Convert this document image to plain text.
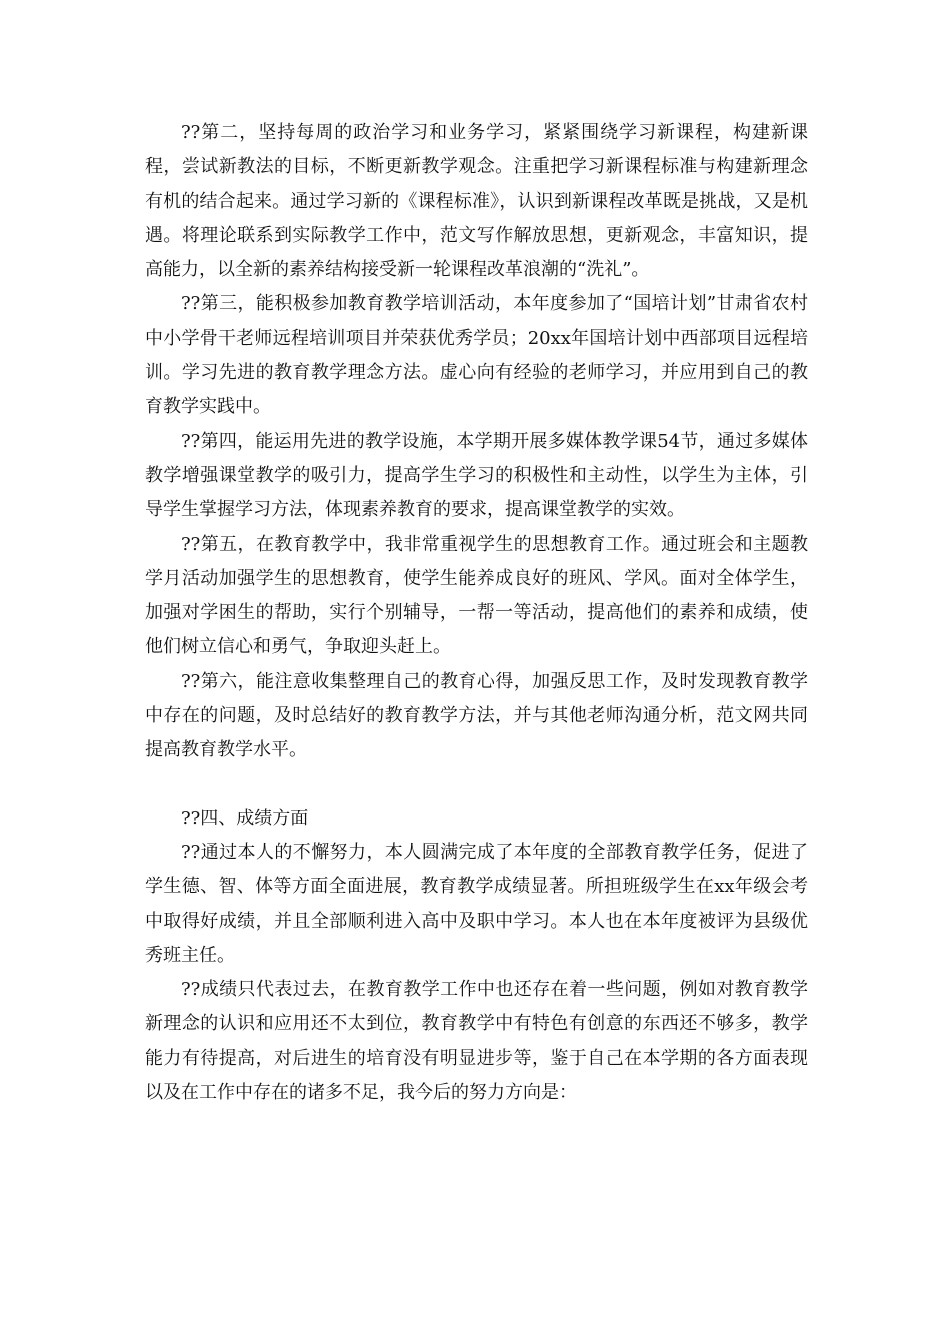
??第二，坚持每周的政治学习和业务学习，紧紧围绕学习新课程，构建新课程，尝试新教法的目标，不断更新教学观念。注重把学习新课程标准与构建新理念有机的结合起来。通过学习新的《课程标准》，认识到新课程改革既是挑战，又是机遇。将理论联系到实际教学工作中，范文写作解放思想，更新观念，丰富知识，提高能力，以全新的素养结构接受新一轮课程改革浪潮的“洗礼”。

??第三，能积极参加教育教学培训活动，本年度参加了“国培计划”甘肃省农村中小学骨干老师远程培训项目并荣获优秀学员；20xx年国培计划中西部项目远程培训。学习先进的教育教学理念方法。虚心向有经验的老师学习，并应用到自己的教育教学实践中。

??第四，能运用先进的教学设施，本学期开展多媒体教学课54节，通过多媒体教学增强课堂教学的吸引力，提高学生学习的积极性和主动性，以学生为主体，引导学生掌握学习方法，体现素养教育的要求，提高课堂教学的实效。

??第五，在教育教学中，我非常重视学生的思想教育工作。通过班会和主题教学月活动加强学生的思想教育，使学生能养成良好的班风、学风。面对全体学生，加强对学困生的帮助，实行个别辅导，一帮一等活动，提高他们的素养和成绩，使他们树立信心和勇气，争取迎头赶上。

??第六，能注意收集整理自己的教育心得，加强反思工作，及时发现教育教学中存在的问题，及时总结好的教育教学方法，并与其他老师沟通分析，范文网共同提高教育教学水平。

??四、成绩方面

??通过本人的不懈努力，本人圆满完成了本年度的全部教育教学任务，促进了学生德、智、体等方面全面进展，教育教学成绩显著。所担班级学生在xx年级会考中取得好成绩，并且全部顺利进入高中及职中学习。本人也在本年度被评为县级优秀班主任。

??成绩只代表过去，在教育教学工作中也还存在着一些问题，例如对教育教学新理念的认识和应用还不太到位，教育教学中有特色有创意的东西还不够多，教学能力有待提高，对后进生的培育没有明显进步等，鉴于自己在本学期的各方面表现以及在工作中存在的诸多不足，我今后的努力方向是：
